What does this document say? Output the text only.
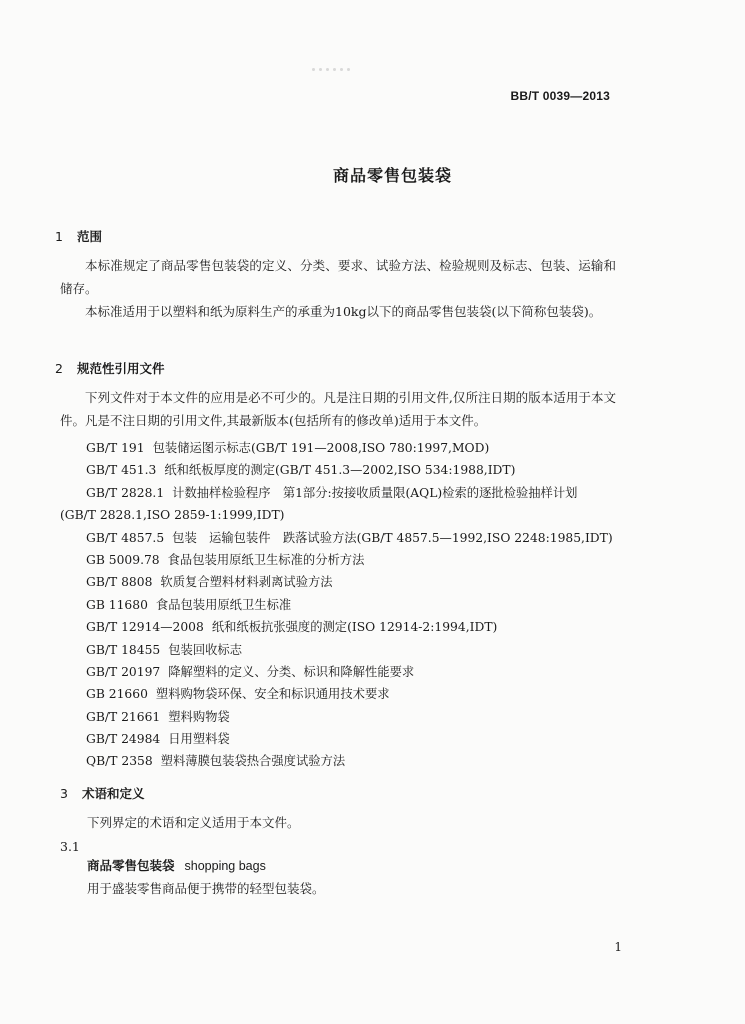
BB/T 0039—2013
商品零售包装袋
1 范围
本标准规定了商品零售包装袋的定义、分类、要求、试验方法、检验规则及标志、包装、运输和储存。
本标准适用于以塑料和纸为原料生产的承重为10kg以下的商品零售包装袋(以下简称包装袋)。
2 规范性引用文件
下列文件对于本文件的应用是必不可少的。凡是注日期的引用文件,仅所注日期的版本适用于本文件。凡是不注日期的引用文件,其最新版本(包括所有的修改单)适用于本文件。
GB/T 191 包装储运图示标志(GB/T 191—2008,ISO 780:1997,MOD)
GB/T 451.3 纸和纸板厚度的测定(GB/T 451.3—2002,ISO 534:1988,IDT)
GB/T 2828.1 计数抽样检验程序　第1部分:按接收质量限(AQL)检索的逐批检验抽样计划
(GB/T 2828.1,ISO 2859-1:1999,IDT)
GB/T 4857.5 包装　运输包装件　跌落试验方法(GB/T 4857.5—1992,ISO 2248:1985,IDT)
GB 5009.78 食品包装用原纸卫生标准的分析方法
GB/T 8808 软质复合塑料材料剥离试验方法
GB 11680 食品包装用原纸卫生标准
GB/T 12914—2008 纸和纸板抗张强度的测定(ISO 12914-2:1994,IDT)
GB/T 18455 包装回收标志
GB/T 20197 降解塑料的定义、分类、标识和降解性能要求
GB 21660 塑料购物袋环保、安全和标识通用技术要求
GB/T 21661 塑料购物袋
GB/T 24984 日用塑料袋
QB/T 2358 塑料薄膜包装袋热合强度试验方法
3 术语和定义
下列界定的术语和定义适用于本文件。
3.1
商品零售包装袋 shopping bags
用于盛装零售商品便于携带的轻型包装袋。
1
